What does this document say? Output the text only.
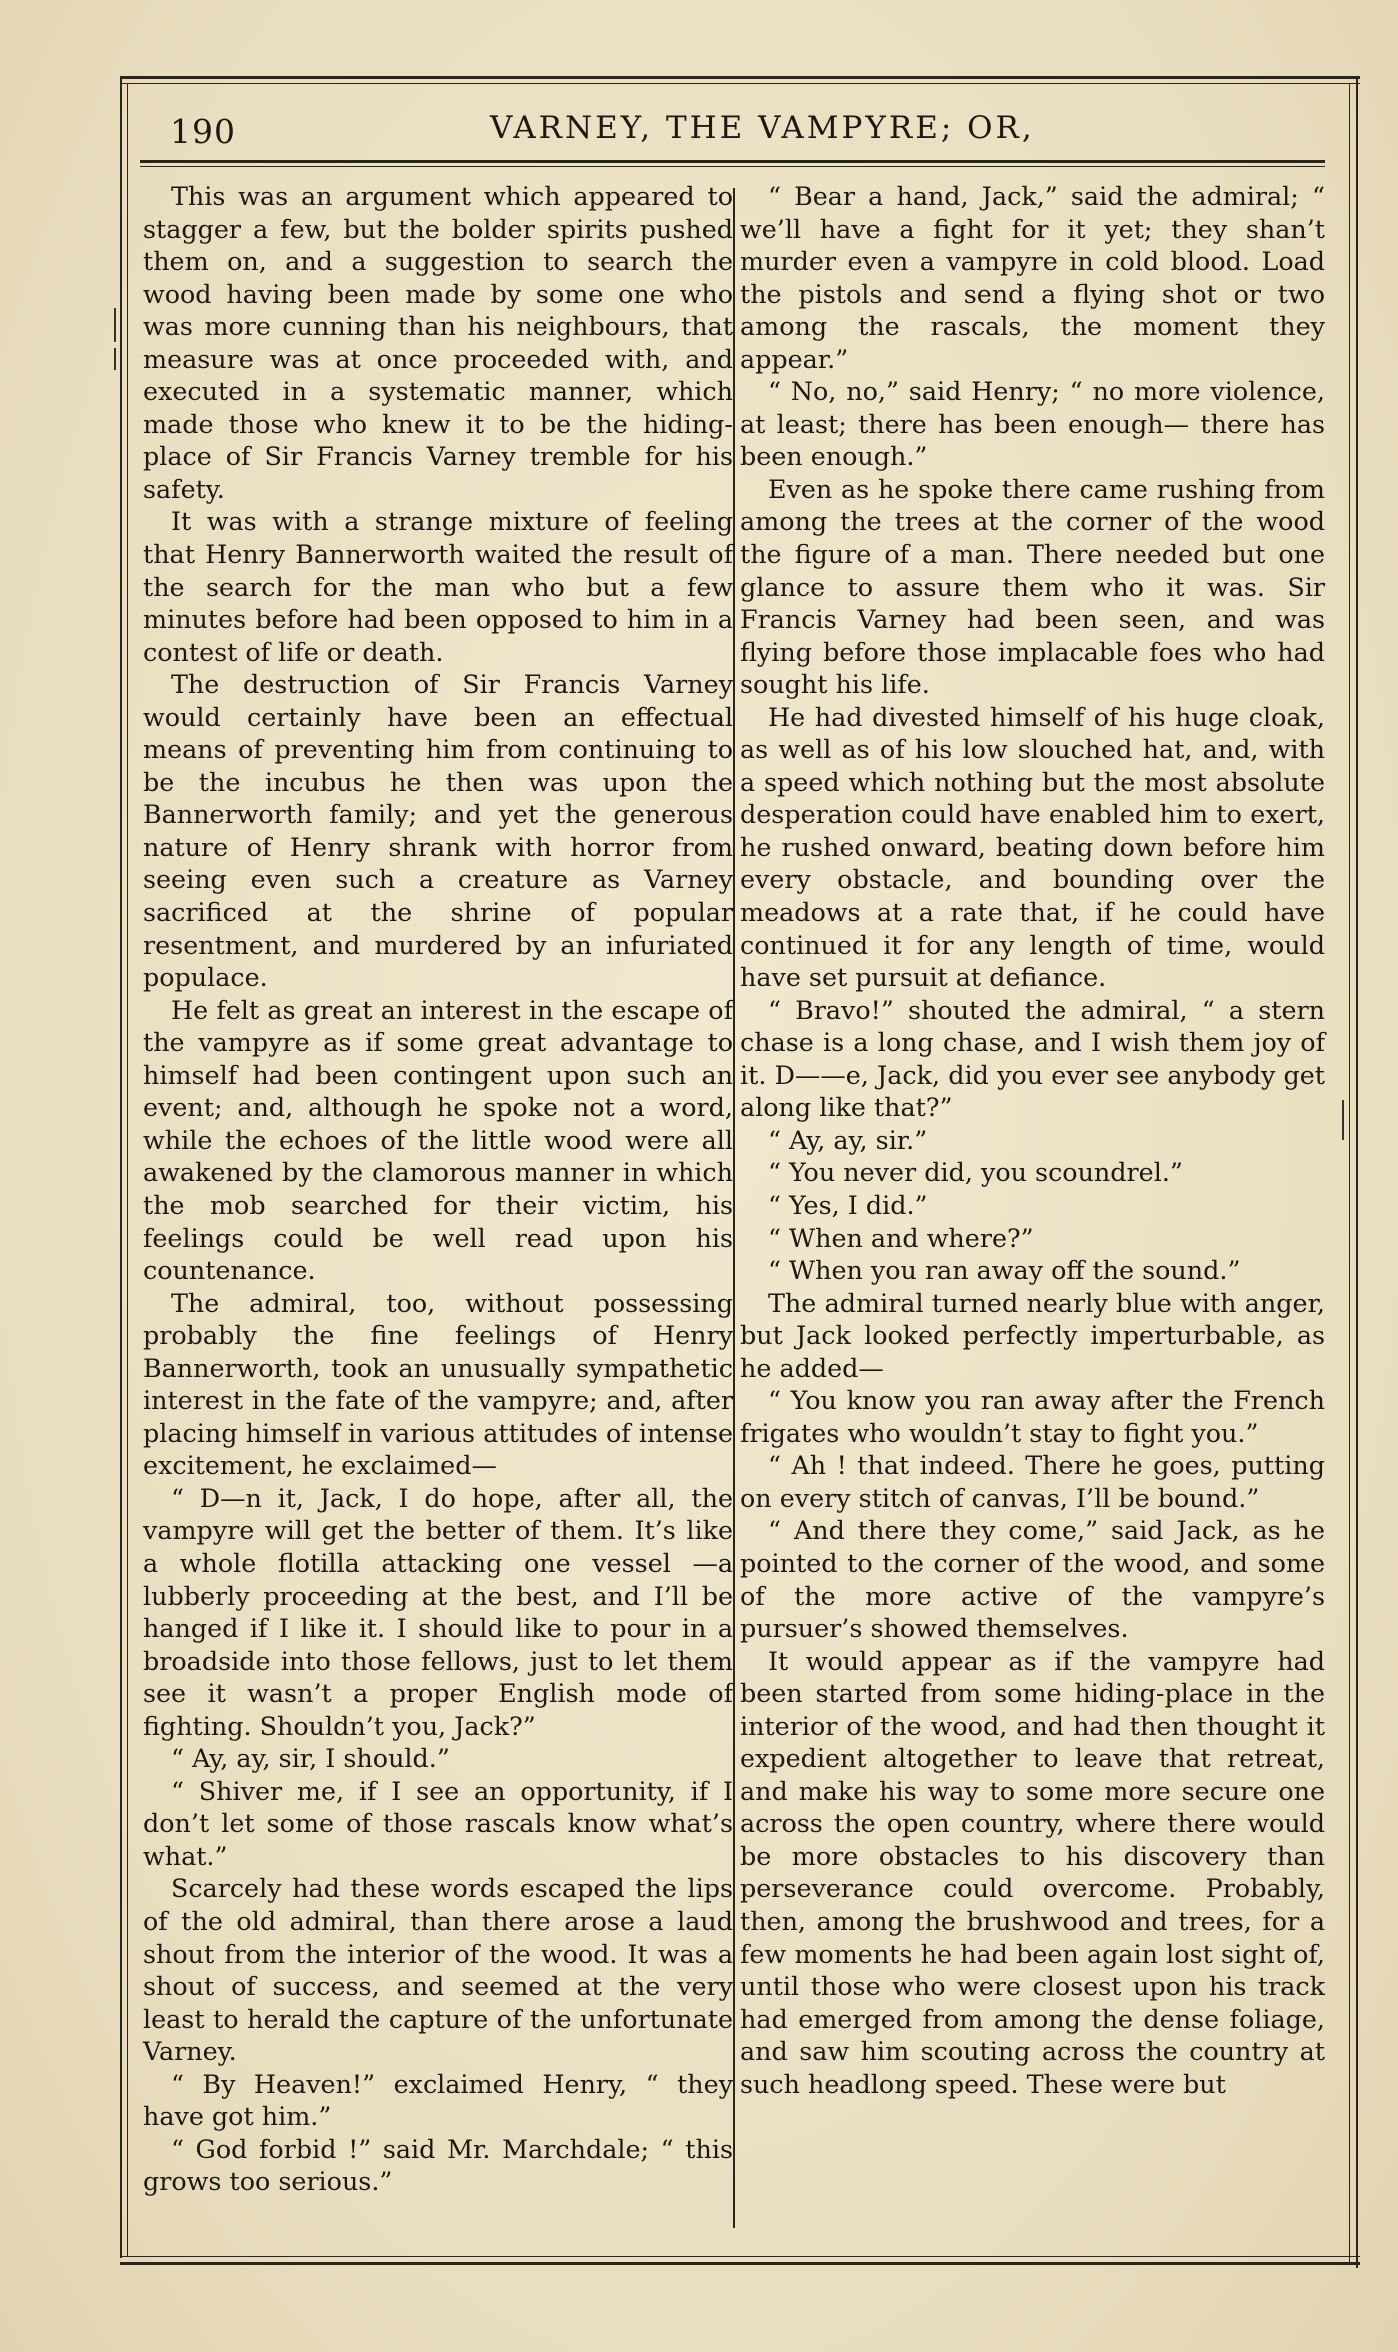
190	VARNEY, THE VAMPYRE; OR,

This was an argument which appeared to stagger a few, but the bolder spirits pushed them on, and a suggestion to search the wood having been made by some one who was more cunning than his neighbours, that measure was at once proceeded with, and executed in a systematic manner, which made those who knew it to be the hiding-place of Sir Francis Varney tremble for his safety.

It was with a strange mixture of feeling that Henry Bannerworth waited the result of the search for the man who but a few minutes before had been opposed to him in a contest of life or death.

The destruction of Sir Francis Varney would certainly have been an effectual means of preventing him from continuing to be the incubus he then was upon the Bannerworth family; and yet the generous nature of Henry shrank with horror from seeing even such a creature as Varney sacrificed at the shrine of popular resentment, and murdered by an infuriated populace.

He felt as great an interest in the escape of the vampyre as if some great advantage to himself had been contingent upon such an event; and, although he spoke not a word, while the echoes of the little wood were all awakened by the clamorous manner in which the mob searched for their victim, his feelings could be well read upon his countenance.

The admiral, too, without possessing probably the fine feelings of Henry Bannerworth, took an unusually sympathetic interest in the fate of the vampyre; and, after placing himself in various attitudes of intense excitement, he exclaimed—

“ D—n it, Jack, I do hope, after all, the vampyre will get the better of them. It’s like a whole flotilla attacking one vessel —a lubberly proceeding at the best, and I’ll be hanged if I like it. I should like to pour in a broadside into those fellows, just to let them see it wasn’t a proper English mode of fighting. Shouldn’t you, Jack?”

“ Ay, ay, sir, I should.”

“ Shiver me, if I see an opportunity, if I don’t let some of those rascals know what’s what.”

Scarcely had these words escaped the lips of the old admiral, than there arose a laud shout from the interior of the wood. It was a shout of success, and seemed at the very least to herald the capture of the unfortunate Varney.

“ By Heaven!” exclaimed Henry, “ they have got him.”

“ God forbid !” said Mr. Marchdale; “ this grows too serious.”

“ Bear a hand, Jack,” said the admiral; “ we’ll have a fight for it yet; they shan’t murder even a vampyre in cold blood. Load the pistols and send a flying shot or two among the rascals, the moment they appear.”

“ No, no,” said Henry; “ no more violence, at least; there has been enough— there has been enough.”

Even as he spoke there came rushing from among the trees at the corner of the wood the figure of a man. There needed but one glance to assure them who it was. Sir Francis Varney had been seen, and was flying before those implacable foes who had sought his life.

He had divested himself of his huge cloak, as well as of his low slouched hat, and, with a speed which nothing but the most absolute desperation could have enabled him to exert, he rushed onward, beating down before him every obstacle, and bounding over the meadows at a rate that, if he could have continued it for any length of time, would have set pursuit at defiance.

“ Bravo!” shouted the admiral, “ a stern chase is a long chase, and I wish them joy of it. D——e, Jack, did you ever see anybody get along like that?”

“ Ay, ay, sir.”

“ You never did, you scoundrel.”

“ Yes, I did.”

“ When and where?”

“ When you ran away off the sound.”

The admiral turned nearly blue with anger, but Jack looked perfectly imperturbable, as he added—

“ You know you ran away after the French frigates who wouldn’t stay to fight you.”

“ Ah ! that indeed. There he goes, putting on every stitch of canvas, I’ll be bound.”

“ And there they come,” said Jack, as he pointed to the corner of the wood, and some of the more active of the vampyre’s pursuer’s showed themselves.

It would appear as if the vampyre had been started from some hiding-place in the interior of the wood, and had then thought it expedient altogether to leave that retreat, and make his way to some more secure one across the open country, where there would be more obstacles to his discovery than perseverance could overcome. Probably, then, among the brushwood and trees, for a few moments he had been again lost sight of, until those who were closest upon his track had emerged from among the dense foliage, and saw him scouting across the country at such headlong speed. These were but
